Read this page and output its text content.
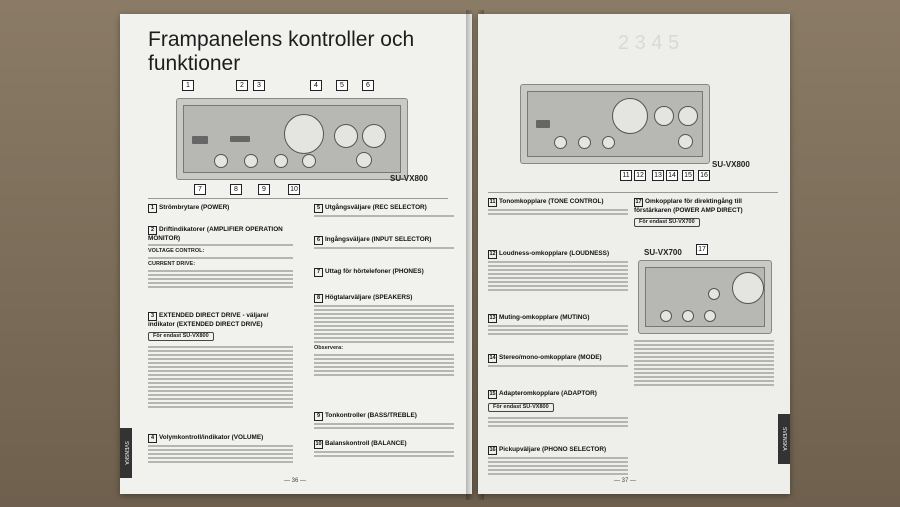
Frampanelens kontroller och funktioner
1	2	3	4	5	6
7	8	9	10
SU-VX800
1 Strömbrytare (POWER)
2 Driftindikatorer (AMPLIFIER OPERATION MONITOR)
VOLTAGE CONTROL:
CURRENT DRIVE:
3 EXTENDED DIRECT DRIVE - väljare/ indikator (EXTENDED DIRECT DRIVE)
För endast SU-VX800
4 Volymkontroll/indikator (VOLUME)
5 Utgångsväljare (REC SELECTOR)
6 Ingångsväljare (INPUT SELECTOR)
7 Uttag för hörtelefoner (PHONES)
8 Högtalarväljare (SPEAKERS)
Observera:
9 Tonkontroller (BASS/TREBLE)
10 Balanskontroll (BALANCE)
SVENSKA
— 36 —
2 3 4 5
11 12	13 14	15	16
SU-VX800
11 Tonomkopplare (TONE CONTROL)
12 Loudness-omkopplare (LOUDNESS)
13 Muting-omkopplare (MUTING)
14 Stereo/mono-omkopplare (MODE)
15 Adapteromkopplare (ADAPTOR)
För endast SU-VX800
16 Pickupväljare (PHONO SELECTOR)
17 Omkopplare för direktingång till förstärkaren (POWER AMP DIRECT)
För endast SU-VX700
SU-VX700 17
SVENSKA
— 37 —
